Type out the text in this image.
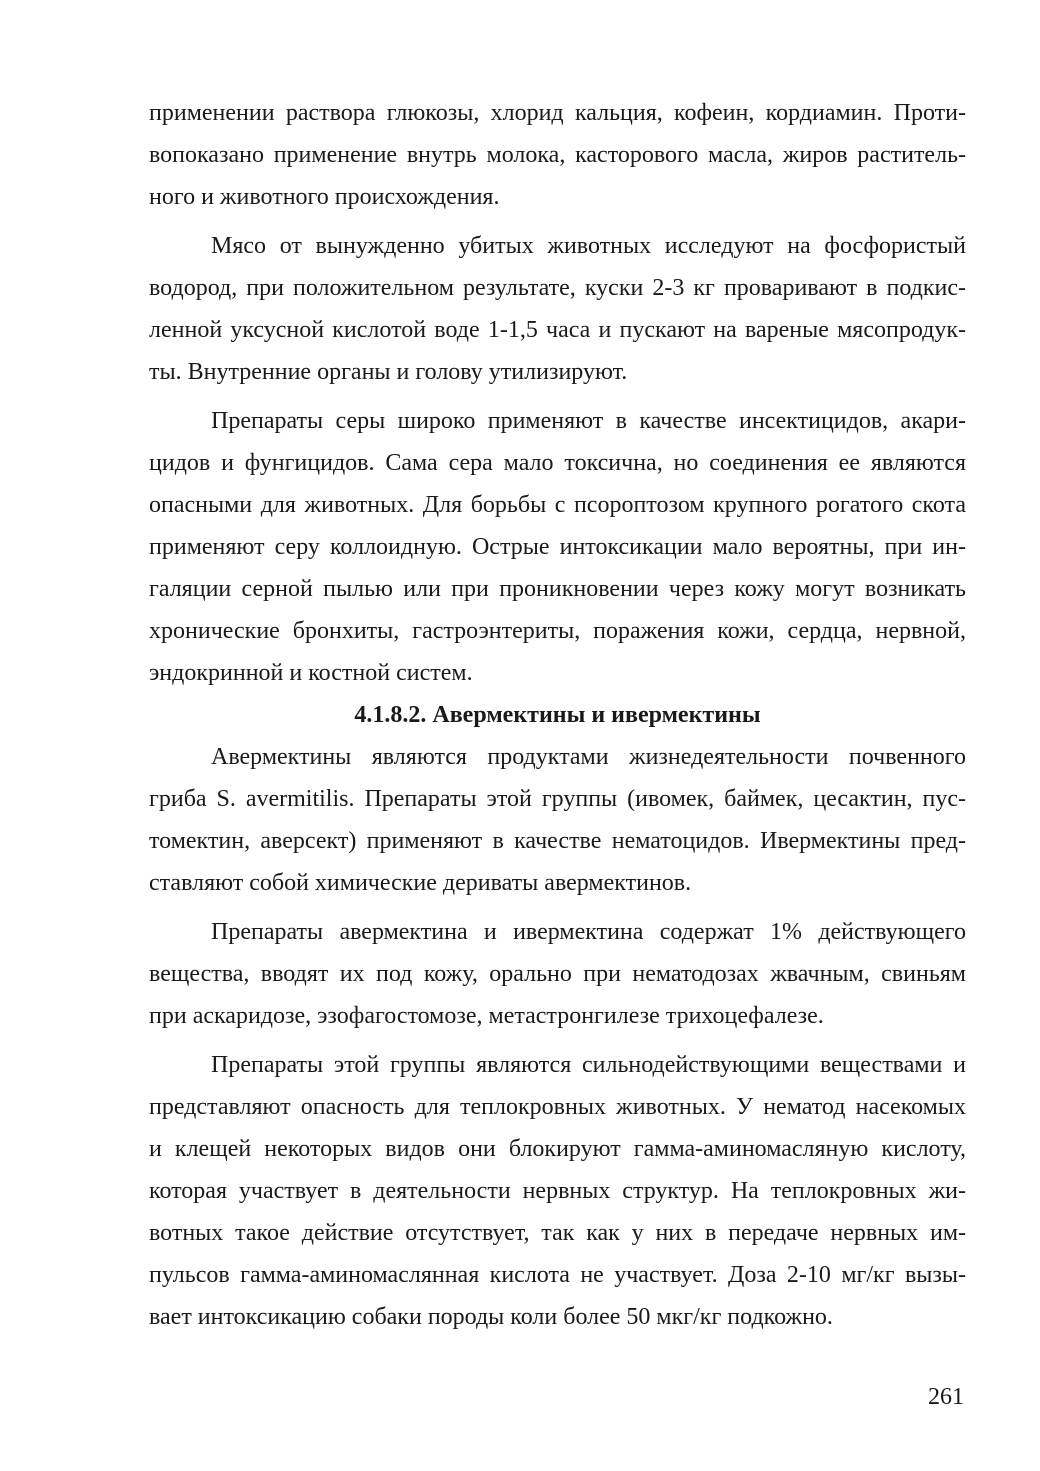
применении раствора глюкозы, хлорид кальция, кофеин, кордиамин. Проти-
вопоказано применение внутрь молока, касторового масла, жиров раститель-
ного и животного происхождения.

Мясо от вынужденно убитых животных исследуют на фосфористый
водород, при положительном результате, куски 2-3 кг проваривают в подкис-
ленной уксусной кислотой воде 1-1,5 часа и пускают на вареные мясопродук-
ты. Внутренние органы и голову утилизируют.

Препараты серы широко применяют в качестве инсектицидов, акари-
цидов и фунгицидов. Сама сера мало токсична, но соединения ее являются
опасными для животных. Для борьбы с псороптозом крупного рогатого скота
применяют серу коллоидную. Острые интоксикации мало вероятны, при ин-
галяции серной пылью или при проникновении через кожу могут возникать
хронические бронхиты, гастроэнтериты, поражения кожи, сердца, нервной,
эндокринной и костной систем.

4.1.8.2. Авермектины и ивермектины

Авермектины являются продуктами жизнедеятельности почвенного
гриба S. avermitilis. Препараты этой группы (ивомек, баймек, цесактин, пус-
томектин, аверсект) применяют в качестве нематоцидов. Ивермектины пред-
ставляют собой химические дериваты авермектинов.

Препараты авермектина и ивермектина содержат 1% действующего
вещества, вводят их под кожу, орально при нематодозах жвачным, свиньям
при аскаридозе, эзофагостомозе, метастронгилезе трихоцефалезе.

Препараты этой группы являются сильнодействующими веществами и
представляют опасность для теплокровных животных. У нематод насекомых
и клещей некоторых видов они блокируют гамма-аминомасляную кислоту,
которая участвует в деятельности нервных структур. На теплокровных жи-
вотных такое действие отсутствует, так как у них в передаче нервных им-
пульсов гамма-аминомасляннaя кислота не участвует. Доза 2-10 мг/кг вызы-
вает интоксикацию собаки породы коли более 50 мкг/кг подкожно.

261
